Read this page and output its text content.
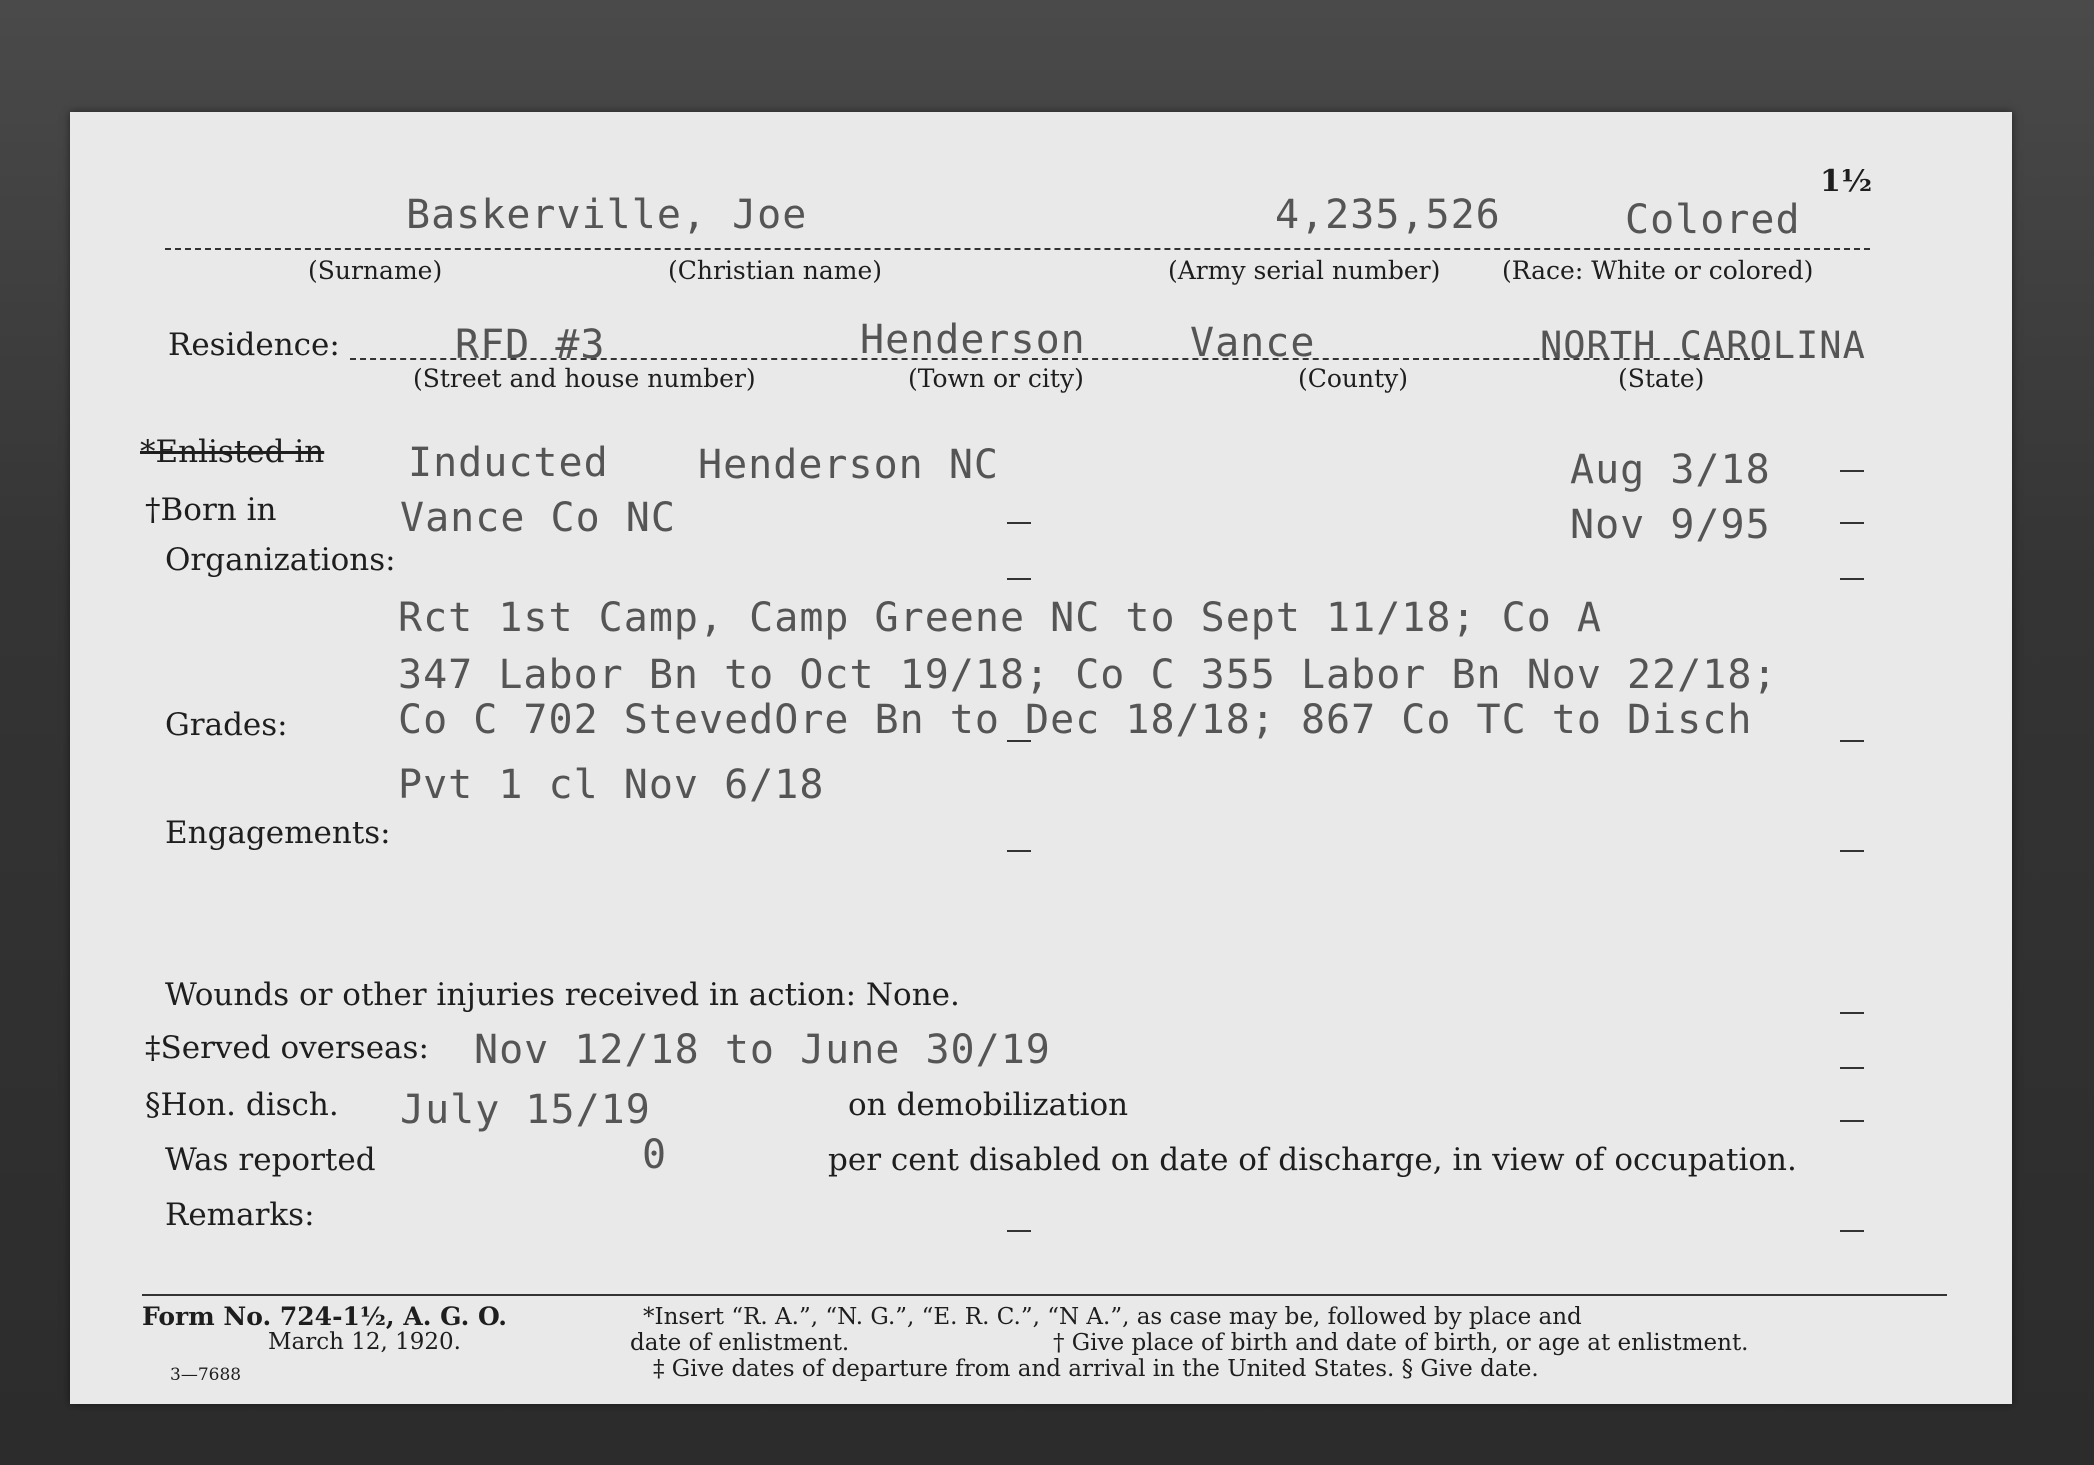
1½
Baskerville, Joe	4,235,526	Colored
(Surname)	(Christian name)	(Army serial number) (Race: White or colored)
Residence:	RFD #3	Henderson	Vance	NORTH CAROLINA
(Street and house number)	(Town or city)	(County)	(State)
*Enlisted in Inducted Henderson NC	Aug 3/18
†Born in	Vance Co NC	Nov 9/95
Organizations:
Rct 1st Camp, Camp Greene NC to Sept 11/18; Co A
347 Labor Bn to Oct 19/18; Co C 355 Labor Bn Nov 22/18;
Co C 702 StevedOre Bn to Dec 18/18; 867 Co TC to Disch
Grades:
Pvt 1 cl Nov 6/18
Engagements:
Wounds or other injuries received in action: None.
‡Served overseas: Nov 12/18 to June 30/19
§Hon. disch. July 15/19	on demobilization
Was reported	0	per cent disabled on date of discharge, in view of occupation.
Remarks:
Form No. 724-1½, A. G. O.
March 12, 1920.
3—7688
*Insert “R. A.”, “N. G.”, “E. R. C.”, “N A.”, as case may be, followed by place and
date of enlistment.	† Give place of birth and date of birth, or age at enlistment.
‡ Give dates of departure from and arrival in the United States. § Give date.
